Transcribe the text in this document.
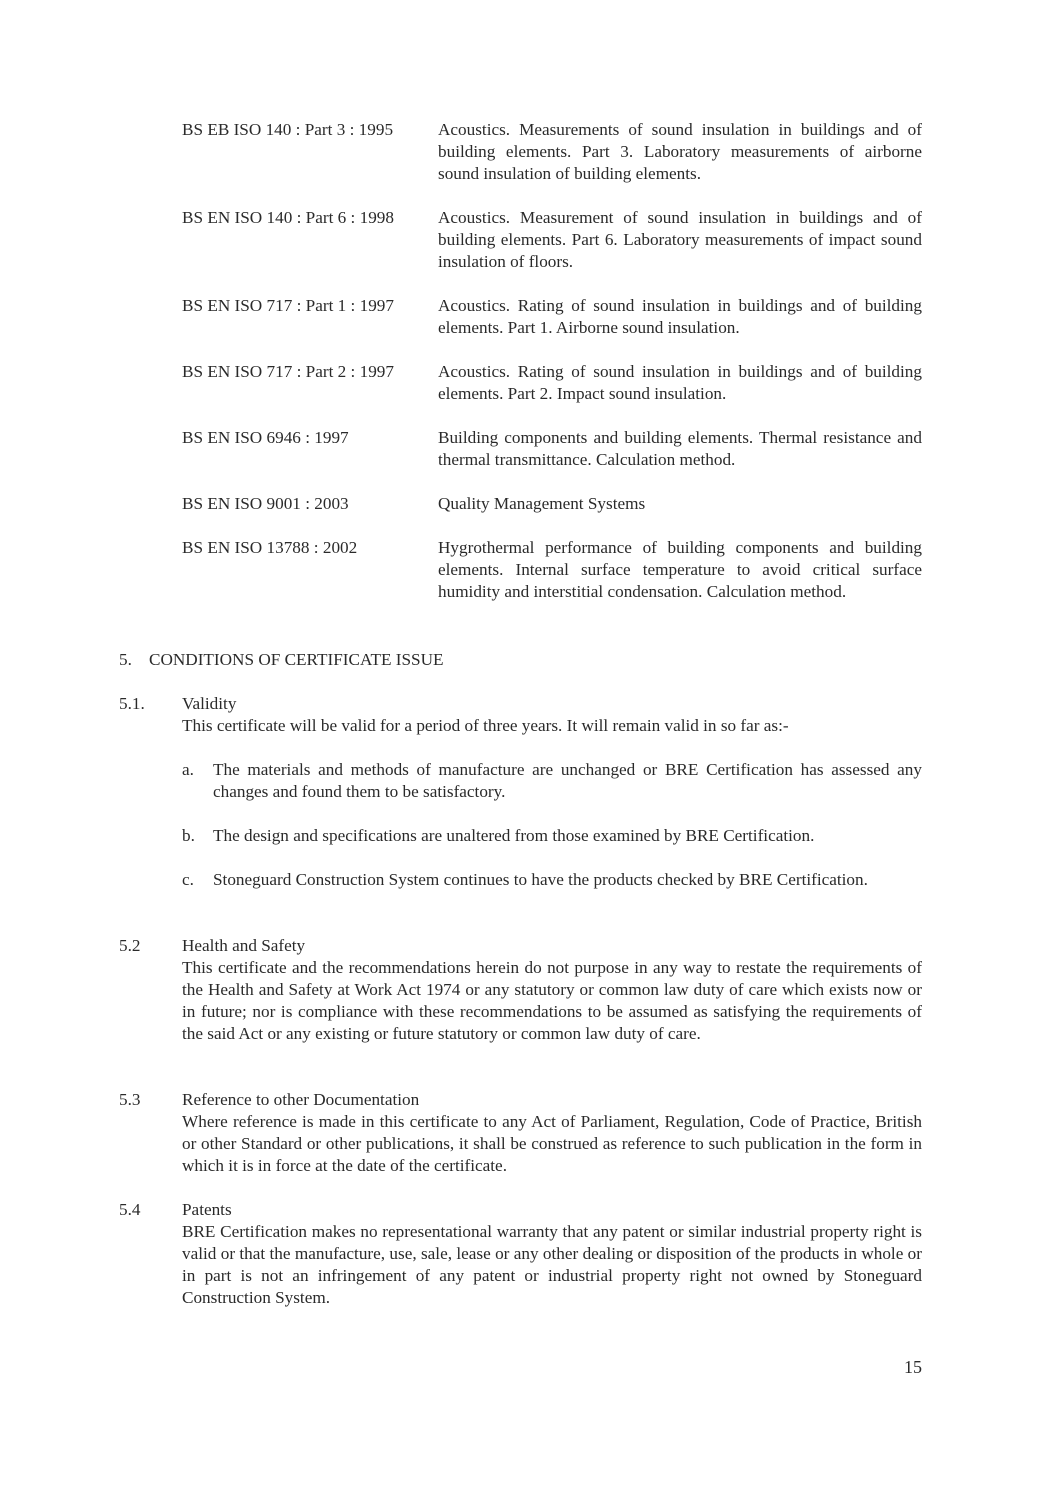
BS EB ISO 140 : Part 3 : 1995	Acoustics. Measurements of sound insulation in buildings and of building elements. Part 3. Laboratory measurements of airborne sound insulation of building elements.
BS EN ISO 140 : Part 6 : 1998	Acoustics. Measurement of sound insulation in buildings and of building elements. Part 6. Laboratory measurements of impact sound insulation of floors.
BS EN ISO 717 : Part 1 : 1997	Acoustics. Rating of sound insulation in buildings and of building elements. Part 1. Airborne sound insulation.
BS EN ISO 717 : Part 2 : 1997	Acoustics. Rating of sound insulation in buildings and of building elements. Part 2. Impact sound insulation.
BS EN ISO 6946 : 1997	Building components and building elements. Thermal resistance and thermal transmittance. Calculation method.
BS EN ISO 9001 : 2003	Quality Management Systems
BS EN ISO 13788 : 2002	Hygrothermal performance of building components and building elements. Internal surface temperature to avoid critical surface humidity and interstitial condensation. Calculation method.
5. CONDITIONS OF CERTIFICATE ISSUE
5.1. Validity
This certificate will be valid for a period of three years. It will remain valid in so far as:-
a.	The materials and methods of manufacture are unchanged or BRE Certification has assessed any changes and found them to be satisfactory.
b.	The design and specifications are unaltered from those examined by BRE Certification.
c.	Stoneguard Construction System continues to have the products checked by BRE Certification.
5.2 Health and Safety
This certificate and the recommendations herein do not purpose in any way to restate the requirements of the Health and Safety at Work Act 1974 or any statutory or common law duty of care which exists now or in future; nor is compliance with these recommendations to be assumed as satisfying the requirements of the said Act or any existing or future statutory or common law duty of care.
5.3 Reference to other Documentation
Where reference is made in this certificate to any Act of Parliament, Regulation, Code of Practice, British or other Standard or other publications, it shall be construed as reference to such publication in the form in which it is in force at the date of the certificate.
5.4 Patents
BRE Certification makes no representational warranty that any patent or similar industrial property right is valid or that the manufacture, use, sale, lease or any other dealing or disposition of the products in whole or in part is not an infringement of any patent or industrial property right not owned by Stoneguard Construction System.
15
